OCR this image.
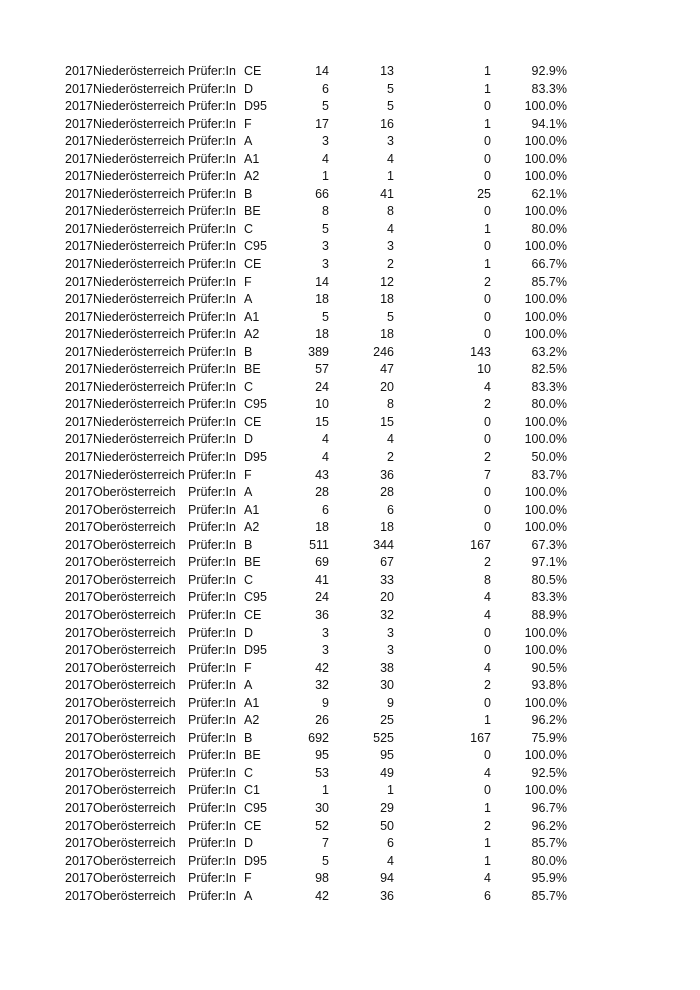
2017 Niederösterreich Prüfer:In CE	14	13	1	92.9%
2017 Niederösterreich Prüfer:In D	6	5	1	83.3%
2017 Niederösterreich Prüfer:In D95	5	5	0	100.0%
2017 Niederösterreich Prüfer:In F	17	16	1	94.1%
2017 Niederösterreich Prüfer:In A	3	3	0	100.0%
2017 Niederösterreich Prüfer:In A1	4	4	0	100.0%
2017 Niederösterreich Prüfer:In A2	1	1	0	100.0%
2017 Niederösterreich Prüfer:In B	66	41	25	62.1%
2017 Niederösterreich Prüfer:In BE	8	8	0	100.0%
2017 Niederösterreich Prüfer:In C	5	4	1	80.0%
2017 Niederösterreich Prüfer:In C95	3	3	0	100.0%
2017 Niederösterreich Prüfer:In CE	3	2	1	66.7%
2017 Niederösterreich Prüfer:In F	14	12	2	85.7%
2017 Niederösterreich Prüfer:In A	18	18	0	100.0%
2017 Niederösterreich Prüfer:In A1	5	5	0	100.0%
2017 Niederösterreich Prüfer:In A2	18	18	0	100.0%
2017 Niederösterreich Prüfer:In B	389	246	143	63.2%
2017 Niederösterreich Prüfer:In BE	57	47	10	82.5%
2017 Niederösterreich Prüfer:In C	24	20	4	83.3%
2017 Niederösterreich Prüfer:In C95	10	8	2	80.0%
2017 Niederösterreich Prüfer:In CE	15	15	0	100.0%
2017 Niederösterreich Prüfer:In D	4	4	0	100.0%
2017 Niederösterreich Prüfer:In D95	4	2	2	50.0%
2017 Niederösterreich Prüfer:In F	43	36	7	83.7%
2017 Oberösterreich Prüfer:In A	28	28	0	100.0%
2017 Oberösterreich Prüfer:In A1	6	6	0	100.0%
2017 Oberösterreich Prüfer:In A2	18	18	0	100.0%
2017 Oberösterreich Prüfer:In B	511	344	167	67.3%
2017 Oberösterreich Prüfer:In BE	69	67	2	97.1%
2017 Oberösterreich Prüfer:In C	41	33	8	80.5%
2017 Oberösterreich Prüfer:In C95	24	20	4	83.3%
2017 Oberösterreich Prüfer:In CE	36	32	4	88.9%
2017 Oberösterreich Prüfer:In D	3	3	0	100.0%
2017 Oberösterreich Prüfer:In D95	3	3	0	100.0%
2017 Oberösterreich Prüfer:In F	42	38	4	90.5%
2017 Oberösterreich Prüfer:In A	32	30	2	93.8%
2017 Oberösterreich Prüfer:In A1	9	9	0	100.0%
2017 Oberösterreich Prüfer:In A2	26	25	1	96.2%
2017 Oberösterreich Prüfer:In B	692	525	167	75.9%
2017 Oberösterreich Prüfer:In BE	95	95	0	100.0%
2017 Oberösterreich Prüfer:In C	53	49	4	92.5%
2017 Oberösterreich Prüfer:In C1	1	1	0	100.0%
2017 Oberösterreich Prüfer:In C95	30	29	1	96.7%
2017 Oberösterreich Prüfer:In CE	52	50	2	96.2%
2017 Oberösterreich Prüfer:In D	7	6	1	85.7%
2017 Oberösterreich Prüfer:In D95	5	4	1	80.0%
2017 Oberösterreich Prüfer:In F	98	94	4	95.9%
2017 Oberösterreich Prüfer:In A	42	36	6	85.7%
